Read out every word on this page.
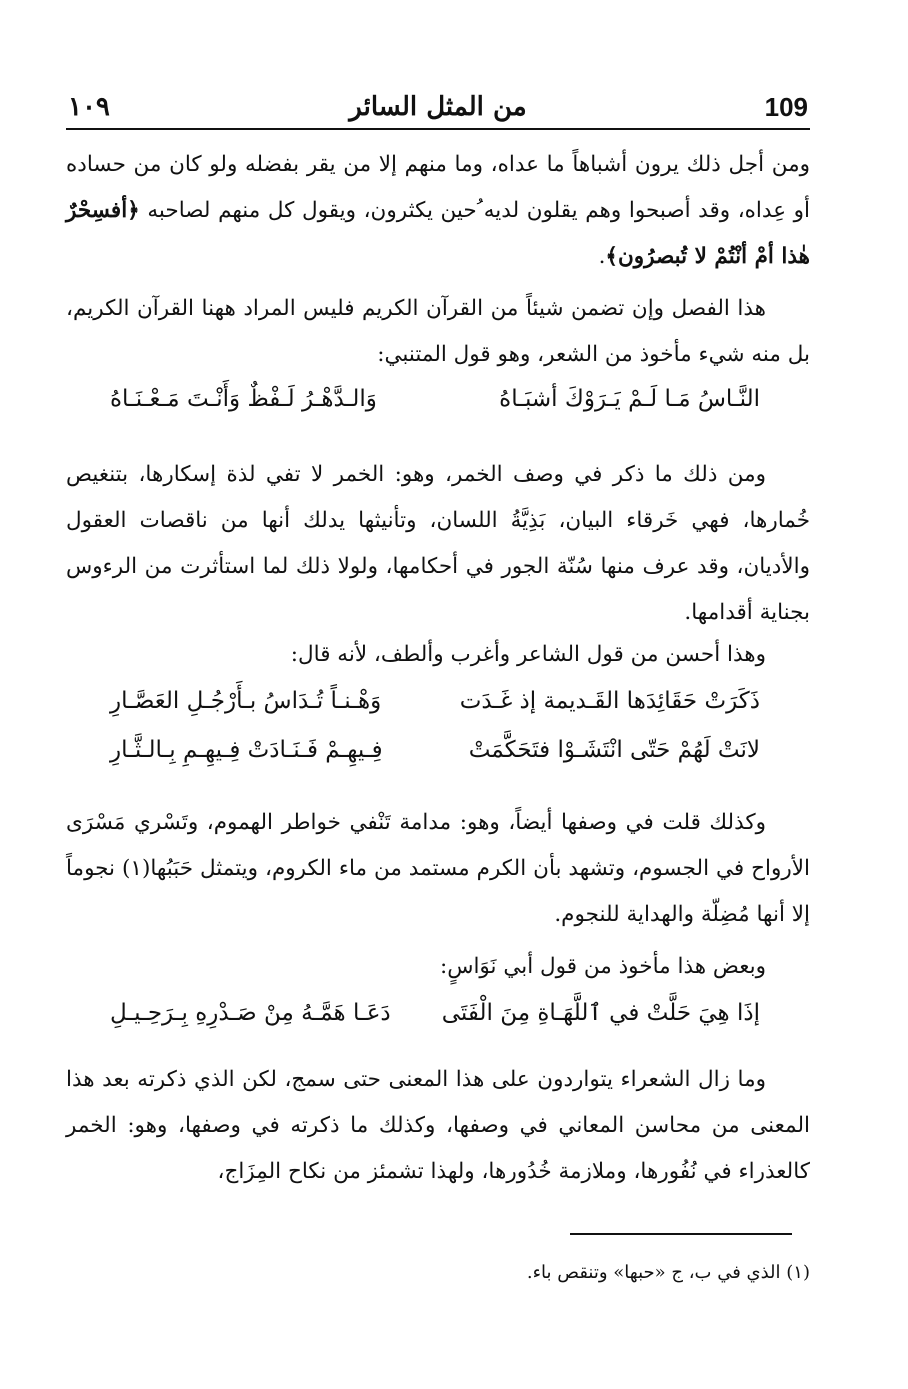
١٠٩	من المثل السائر	109
ومن أجل ذلك يرون أشباهاً ما عداه، وما منهم إلا من يقر بفضله ولو كان من حساده أو عِداه، وقد أصبحوا وهم يقلون لديه ُحين يكثرون، ويقول كل منهم لصاحبه ﴿أفسِحْرٌ هٰذا أمْ أنْتُمْ لا تُبصرُون﴾.
هذا الفصل وإن تضمن شيئاً من القرآن الكريم فليس المراد ههنا القرآن الكريم، بل منه شيء مأخوذ من الشعر، وهو قول المتنبي:
النَّـاسُ مَـا لَـمْ يَـرَوْكَ أشبَـاهُ
وَالـدَّهْـرُ لَـفْظٌ وَأَنْـتَ مَـعْـنَـاهُ
ومن ذلك ما ذكر في وصف الخمر، وهو: الخمر لا تفي لذة إسكارها، بتنغيص خُمارها، فهي خَرقاء البيان، بَذِيَّةُ اللسان، وتأنيثها يدلك أنها من ناقصات العقول والأديان، وقد عرف منها سُنّة الجور في أحكامها، ولولا ذلك لما استأثرت من الرءوس بجناية أقدامها.
وهذا أحسن من قول الشاعر وأغرب وألطف، لأنه قال:
ذَكَرَتْ حَقَائِدَها القَـديمة إذ غَـدَت
وَهْـنـاً تُـدَاسُ بـأَرْجُـلِ العَصَّـارِ
لانَتْ لَهُمْ حَتّى انْتَشَـوْا فتَحَكَّمَتْ
فِـيهِـمْ فَـنَـادَتْ فِـيهِـمِ بِـالـثَّـارِ
وكذلك قلت في وصفها أيضاً، وهو: مدامة تَنْفي خواطر الهموم، وتَسْري مَسْرَى الأرواح في الجسوم، وتشهد بأن الكرم مستمد من ماء الكروم، ويتمثل حَبَبُها(١) نجوماً إلا أنها مُضِلّة والهداية للنجوم.
وبعض هذا مأخوذ من قول أبي نَوَاسٍ:
إذَا هِيَ حَلَّتْ في ٱللَّهَـاةِ مِنَ الْفَتَى
دَعَـا هَمَّـهُ مِنْ صَـدْرِهِ بِـرَحِـيـلِ
وما زال الشعراء يتواردون على هذا المعنى حتى سمج، لكن الذي ذكرته بعد هذا المعنى من محاسن المعاني في وصفها، وكذلك ما ذكرته في وصفها، وهو: الخمر كالعذراء في نُفُورها، وملازمة خُدُورها، ولهذا تشمئز من نكاح المِزَاج،
(١) الذي في ب، ج «حبها» وتنقص باء.
